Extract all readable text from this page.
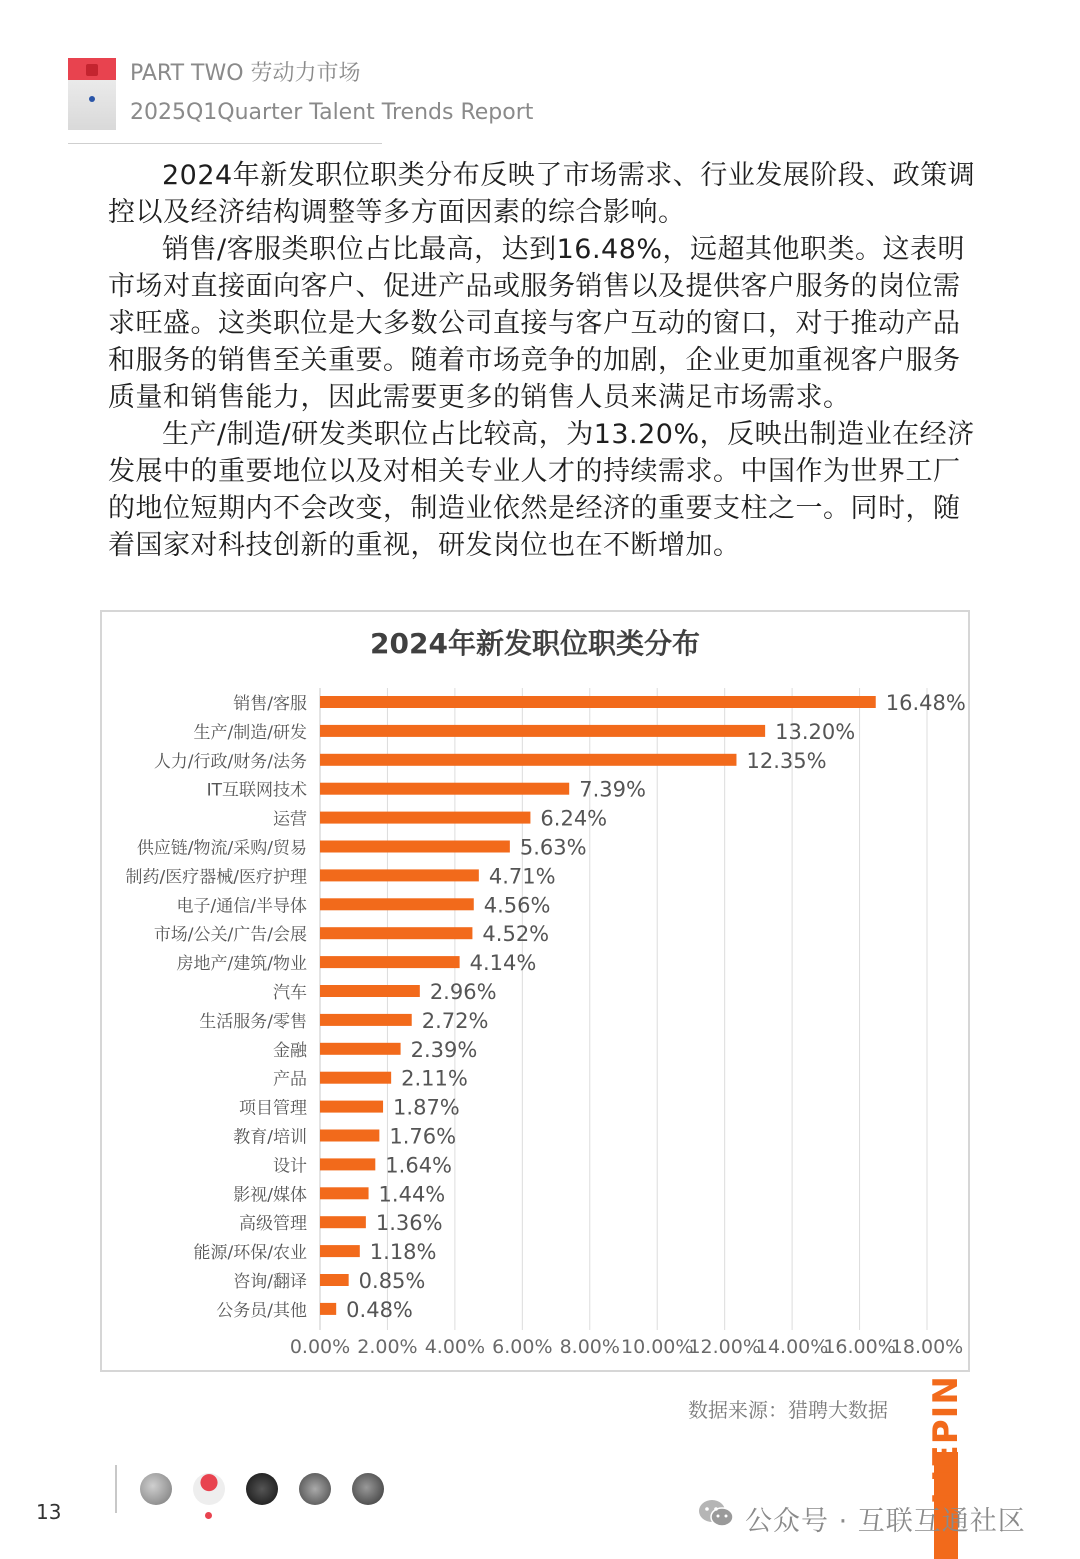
PART TWO 劳动力市场
2025Q1Quarter Talent Trends Report

2024年新发职位职类分布反映了市场需求、行业发展阶段、政策调控以及经济结构调整等多方面因素的综合影响。

销售/客服类职位占比最高，达到16.48%，远超其他职类。这表明市场对直接面向客户、促进产品或服务销售以及提供客户服务的岗位需求旺盛。这类职位是大多数公司直接与客户互动的窗口，对于推动产品和服务的销售至关重要。随着市场竞争的加剧，企业更加重视客户服务质量和销售能力，因此需要更多的销售人员来满足市场需求。

生产/制造/研发类职位占比较高，为13.20%，反映出制造业在经济发展中的重要地位以及对相关专业人才的持续需求。中国作为世界工厂的地位短期内不会改变，制造业依然是经济的重要支柱之一。同时，随着国家对科技创新的重视，研发岗位也在不断增加。

2024年新发职位职类分布
0.00% 2.00% 4.00% 6.00% 8.00% 10.00%
12.00%
14.00%
16.00%
18.00%
销售/客服	16.48%
生产/制造/研发	13.20%
人力/行政/财务/法务	12.35%
IT互联网技术	7.39%
运营	6.24%
供应链/物流/采购/贸易	5.63%
制药/医疗器械/医疗护理	4.71%
电子/通信/半导体	4.56%
市场/公关/广告/会展	4.52%
房地产/建筑/物业	4.14%
汽车	2.96%
生活服务/零售	2.72%
金融	2.39%
产品	2.11%
项目管理	1.87%
教育/培训	1.76%
设计	1.64%
影视/媒体	1.44%
高级管理	1.36%
能源/环保/农业	1.18%
咨询/翻译 0.85%
公务员/其他 0.48%
数据来源：猎聘大数据 LIEPIN
13	公众号 · 互联互通社区
